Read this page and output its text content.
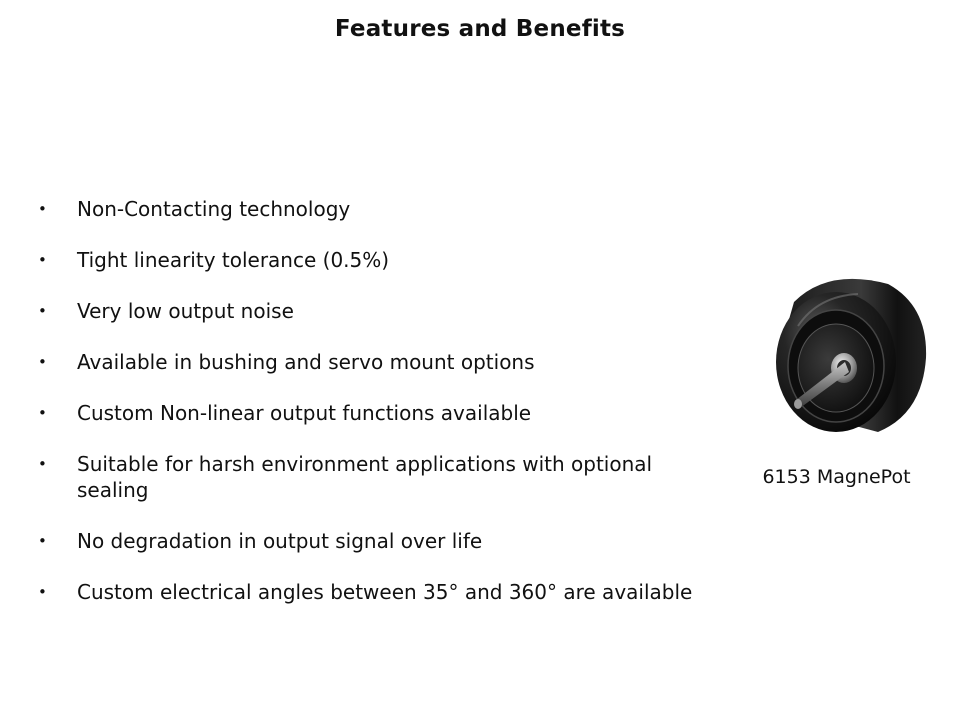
Features and Benefits
• Non-Contacting technology
• Tight linearity tolerance (0.5%)
• Very low output noise
• Available in bushing and servo mount options
• Custom Non-linear output functions available
• Suitable for harsh environment applications with optional sealing
• No degradation in output signal over life
• Custom electrical angles between 35° and 360° are available
6153 MagnePot
